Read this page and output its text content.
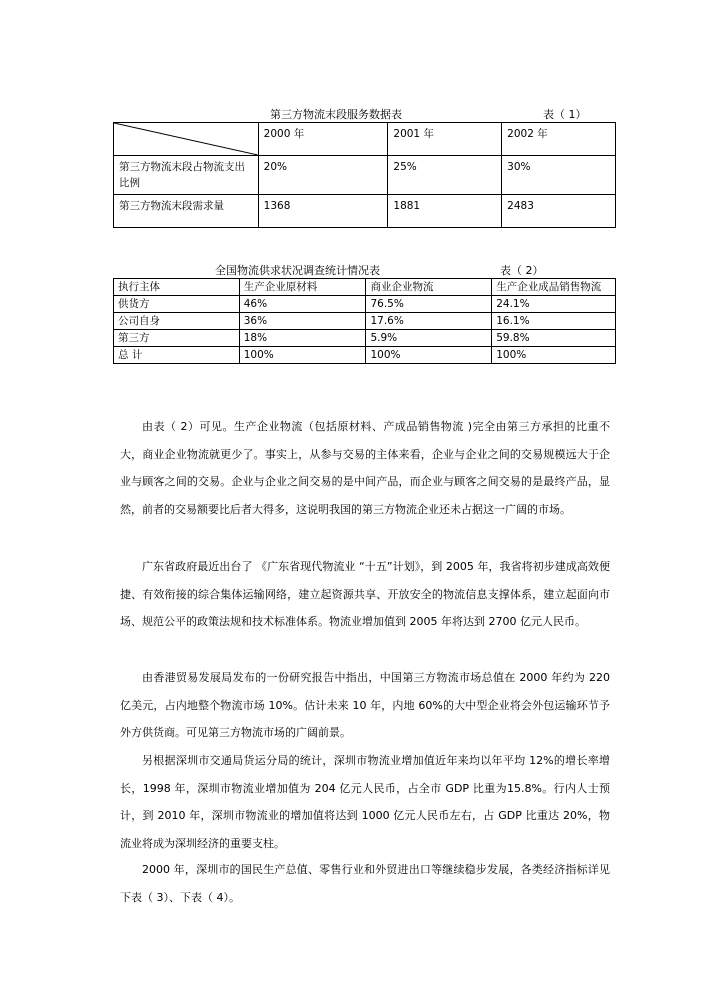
第三方物流末段服务数据表	表（ 1）
	2000 年	2001 年	2002 年
第三方物流末段占物流支出比例	20%	25%	30%
第三方物流末段需求量	1368	1881	2483
全国物流供求状况调查统计情况表	表（ 2）
执行主体	生产企业原材料	商业企业物流	生产企业成品销售物流
供货方	46%	76.5%	24.1%
公司自身	36%	17.6%	16.1%
第三方	18%	5.9%	59.8%
总 计	100%	100%	100%

由表（ 2）可见。生产企业物流（包括原材料、产成品销售物流 )完全由第三方承担的比重不大，商业企业物流就更少了。事实上，从参与交易的主体来看，企业与企业之间的交易规模远大于企业与顾客之间的交易。企业与企业之间交易的是中间产品，而企业与顾客之间交易的是最终产品，显然，前者的交易额要比后者大得多，这说明我国的第三方物流企业还未占据这一广阔的市场。

广东省政府最近出台了 《广东省现代物流业 “十五”计划》，到 2005 年，我省将初步建成高效便捷、有效衔接的综合集体运输网络，建立起资源共享、开放安全的物流信息支撑体系，建立起面向市场、规范公平的政策法规和技术标准体系。物流业增加值到 2005 年将达到 2700 亿元人民币。

由香港贸易发展局发布的一份研究报告中指出，中国第三方物流市场总值在 2000 年约为 220 亿美元，占内地整个物流市场 10%。估计未来 10 年，内地 60%的大中型企业将会外包运输环节予外方供货商。可见第三方物流市场的广阔前景。

另根据深圳市交通局货运分局的统计，深圳市物流业增加值近年来均以年平均 12%的增长率增长，1998 年，深圳市物流业增加值为 204 亿元人民币，占全市 GDP 比重为15.8%。行内人士预计，到 2010 年，深圳市物流业的增加值将达到 1000 亿元人民币左右，占 GDP 比重达 20%，物流业将成为深圳经济的重要支柱。

2000 年，深圳市的国民生产总值、零售行业和外贸进出口等继续稳步发展，各类经济指标详见下表（ 3）、下表（ 4）。
